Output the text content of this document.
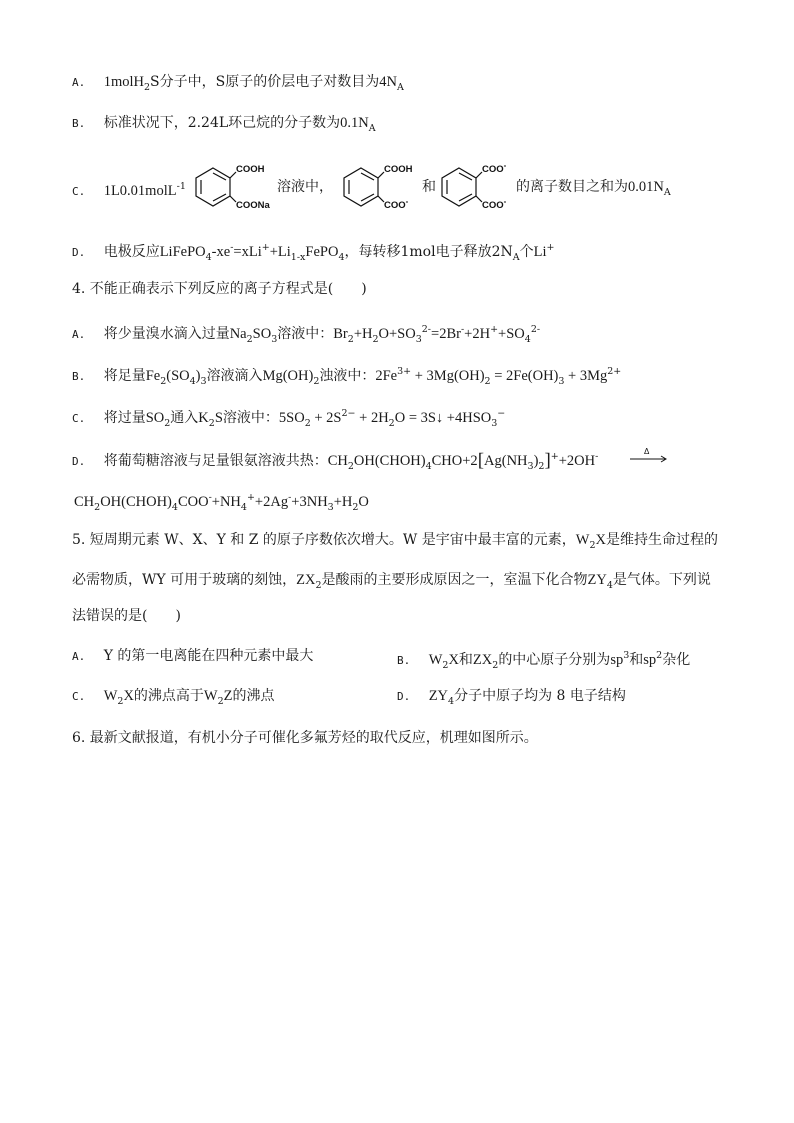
A. 1molH$_2$S分子中，S原子的价层电子对数目为$4N_A$
B. 标准状况下，2.24L环己烷的分子数为$0.1N_A$
C. 1L0.01molL$^{-1}$
COOH
COONa
溶液中，
COOH
COO-
和
COO-
COO-
的离子数目之和为$0.01N_A$
D. 电极反应$LiFePO_4-xe^-=xLi^++Li_{1-x}FePO_4$，每转移1mol电子释放$2N_A$个Li+
4. 不能正确表示下列反应的离子方程式是(　　)
A. 将少量溴水滴入过量$Na_2SO_3$溶液中：$Br_2+H_2O+SO_3^{2-}=2Br^-+2H^++SO_4^{2-}$
B. 将足量$Fe_2(SO_4)_3$溶液滴入$Mg(OH)_2$浊液中：$2Fe^{3+} + 3Mg(OH)_2 = 2Fe(OH)_3 + 3Mg^{2+}$
C. 将过量$SO_2$通入$K_2S$溶液中：$5SO_2 + 2S^{2-} + 2H_2O$ = 3S↓ $+4HSO_3^-$
D. 将葡萄糖溶液与足量银氨溶液共热：$CH_2OH(CHOH)_4CHO+2[Ag(NH_3)_2]^++2OH^-$	Δ
$CH_2OH(CHOH)_4COO^-+NH_4^++2Ag^-+3NH_3+H_2O$
5. 短周期元素 W、X、Y 和 Z 的原子序数依次增大。W 是宇宙中最丰富的元素，$W_2X$是维持生命过程的
必需物质，WY 可用于玻璃的刻蚀，$ZX_2$是酸雨的主要形成原因之一，室温下化合物$ZY_4$是气体。下列说
法错误的是(　　)
A. Y 的第一电离能在四种元素中最大	B. $W_2X$和$ZX_2$的中心原子分别为$sp^3$和$sp^2$杂化
C. $W_2X$的沸点高于$W_2Z$的沸点	D. $ZY_4$分子中原子均为 8 电子结构
6. 最新文献报道，有机小分子可催化多氟芳烃的取代反应，机理如图所示。
